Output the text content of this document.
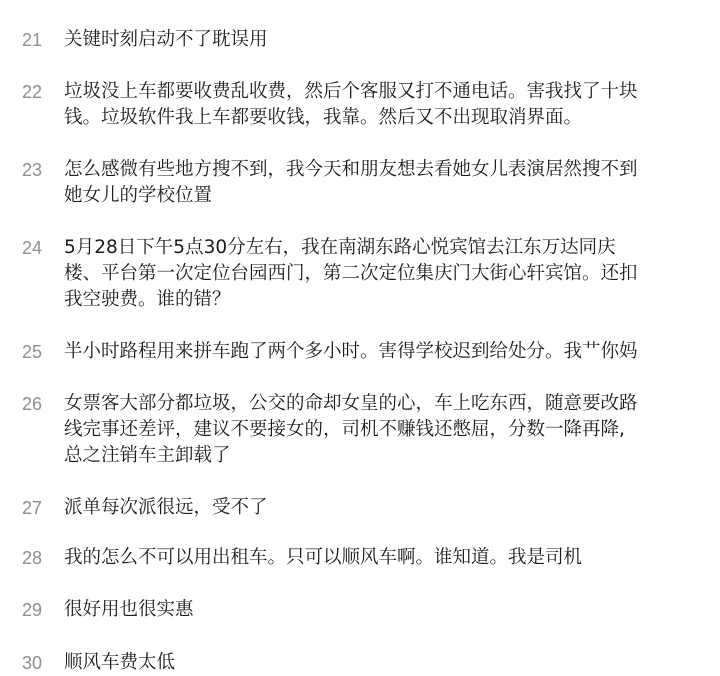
21	关键时刻启动不了耽误用
22	垃圾没上车都要收费乱收费，然后个客服又打不通电话。害我找了十块
钱。垃圾软件我上车都要收钱，我靠。然后又不出现取消界面。
23	怎么感微有些地方搜不到，我今天和朋友想去看她女儿表演居然搜不到
她女儿的学校位置
24	5月28日下午5点30分左右，我在南湖东路心悦宾馆去江东万达同庆
楼、平台第一次定位台园西门，第二次定位集庆门大街心轩宾馆。还扣
我空驶费。谁的错？
25	半小时路程用来拼车跑了两个多小时。害得学校迟到给处分。我艹你妈
26	女票客大部分都垃圾，公交的命却女皇的心，车上吃东西，随意要改路
线完事还差评，建议不要接女的，司机不赚钱还憋屈，分数一降再降,
总之注销车主卸载了
27	派单每次派很远，受不了
28	我的怎么不可以用出租车。只可以顺风车啊。谁知道。我是司机
29	很好用也很实惠
30	顺风车费太低
